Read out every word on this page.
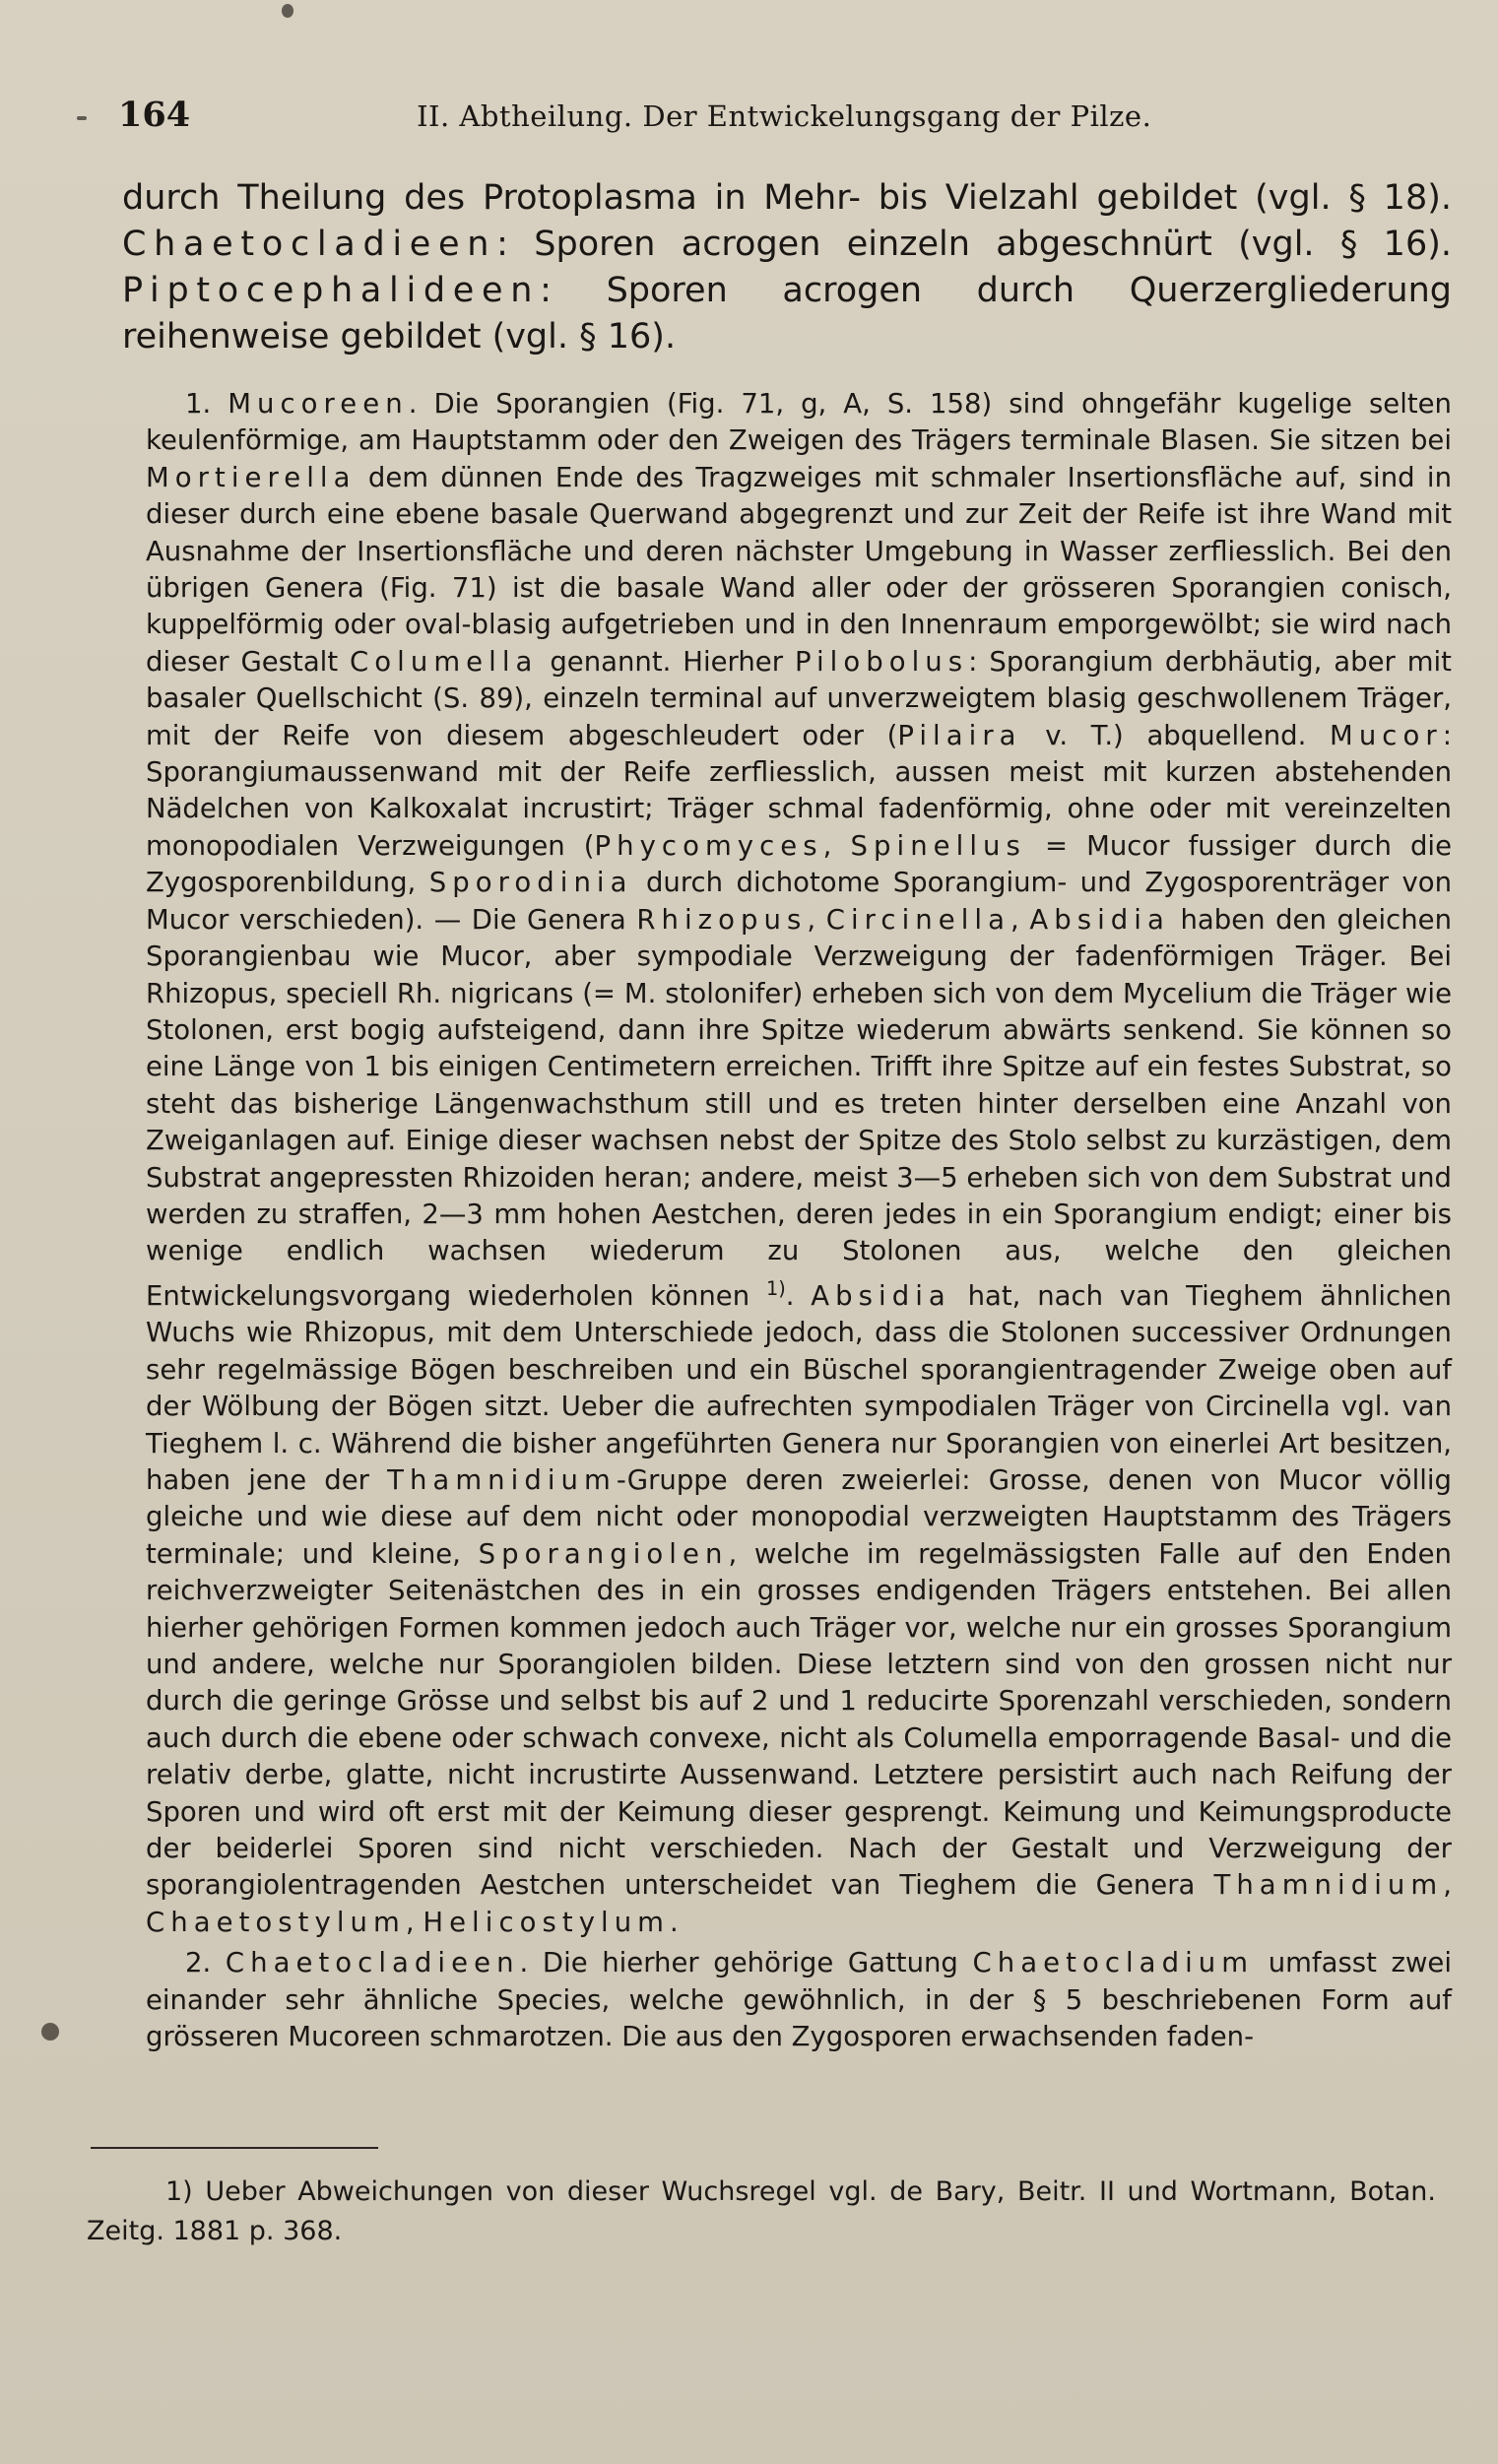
164	II. Abtheilung. Der Entwickelungsgang der Pilze.

durch Theilung des Protoplasma in Mehr- bis Vielzahl gebildet (vgl. § 18). Chaetocladieen: Sporen acrogen einzeln abgeschnürt (vgl. § 16). Piptocephalideen: Sporen acrogen durch Querzergliederung reihenweise gebildet (vgl. § 16).

1. Mucoreen. Die Sporangien (Fig. 71, g, A, S. 158) sind ohngefähr kugelige selten keulenförmige, am Hauptstamm oder den Zweigen des Trägers terminale Blasen. Sie sitzen bei Mortierella dem dünnen Ende des Tragzweiges mit schmaler Insertionsfläche auf, sind in dieser durch eine ebene basale Querwand abgegrenzt und zur Zeit der Reife ist ihre Wand mit Ausnahme der Insertionsfläche und deren nächster Umgebung in Wasser zerfliesslich. Bei den übrigen Genera (Fig. 71) ist die basale Wand aller oder der grösseren Sporangien conisch, kuppelförmig oder oval-blasig aufgetrieben und in den Innenraum emporgewölbt; sie wird nach dieser Gestalt Columella genannt. Hierher Pilobolus: Sporangium derbhäutig, aber mit basaler Quellschicht (S. 89), einzeln terminal auf unverzweigtem blasig geschwollenem Träger, mit der Reife von diesem abgeschleudert oder (Pilaira v. T.) abquellend. Mucor: Sporangiumaussenwand mit der Reife zerfliesslich, aussen meist mit kurzen abstehenden Nädelchen von Kalkoxalat incrustirt; Träger schmal fadenförmig, ohne oder mit vereinzelten monopodialen Verzweigungen (Phycomyces, Spinellus = Mucor fussiger durch die Zygosporenbildung, Sporodinia durch dichotome Sporangium- und Zygosporenträger von Mucor verschieden). — Die Genera Rhizopus, Circinella, Absidia haben den gleichen Sporangienbau wie Mucor, aber sympodiale Verzweigung der fadenförmigen Träger. Bei Rhizopus, speciell Rh. nigricans (= M. stolonifer) erheben sich von dem Mycelium die Träger wie Stolonen, erst bogig aufsteigend, dann ihre Spitze wiederum abwärts senkend. Sie können so eine Länge von 1 bis einigen Centimetern erreichen. Trifft ihre Spitze auf ein festes Substrat, so steht das bisherige Längenwachsthum still und es treten hinter derselben eine Anzahl von Zweiganlagen auf. Einige dieser wachsen nebst der Spitze des Stolo selbst zu kurzästigen, dem Substrat angepressten Rhizoiden heran; andere, meist 3—5 erheben sich von dem Substrat und werden zu straffen, 2—3 mm hohen Aestchen, deren jedes in ein Sporangium endigt; einer bis wenige endlich wachsen wiederum zu Stolonen aus, welche den gleichen Entwickelungsvorgang wiederholen können $^{1)}$. Absidia hat, nach van Tieghem ähnlichen Wuchs wie Rhizopus, mit dem Unterschiede jedoch, dass die Stolonen successiver Ordnungen sehr regelmässige Bögen beschreiben und ein Büschel sporangientragender Zweige oben auf der Wölbung der Bögen sitzt. Ueber die aufrechten sympodialen Träger von Circinella vgl. van Tieghem l. c. Während die bisher angeführten Genera nur Sporangien von einerlei Art besitzen, haben jene der Thamnidium-Gruppe deren zweierlei: Grosse, denen von Mucor völlig gleiche und wie diese auf dem nicht oder monopodial verzweigten Hauptstamm des Trägers terminale; und kleine, Sporangiolen, welche im regelmässigsten Falle auf den Enden reichverzweigter Seitenästchen des in ein grosses endigenden Trägers entstehen. Bei allen hierher gehörigen Formen kommen jedoch auch Träger vor, welche nur ein grosses Sporangium und andere, welche nur Sporangiolen bilden. Diese letztern sind von den grossen nicht nur durch die geringe Grösse und selbst bis auf 2 und 1 reducirte Sporenzahl verschieden, sondern auch durch die ebene oder schwach convexe, nicht als Columella emporragende Basal- und die relativ derbe, glatte, nicht incrustirte Aussenwand. Letztere persistirt auch nach Reifung der Sporen und wird oft erst mit der Keimung dieser gesprengt. Keimung und Keimungsproducte der beiderlei Sporen sind nicht verschieden. Nach der Gestalt und Verzweigung der sporangiolentragenden Aestchen unterscheidet van Tieghem die Genera Thamnidium, Chaetostylum, Helicostylum.

2. Chaetocladieen. Die hierher gehörige Gattung Chaetocladium umfasst zwei einander sehr ähnliche Species, welche gewöhnlich, in der § 5 beschriebenen Form auf grösseren Mucoreen schmarotzen. Die aus den Zygosporen erwachsenden faden-

1) Ueber Abweichungen von dieser Wuchsregel vgl. de Bary, Beitr. II und Wortmann, Botan. Zeitg. 1881 p. 368.
